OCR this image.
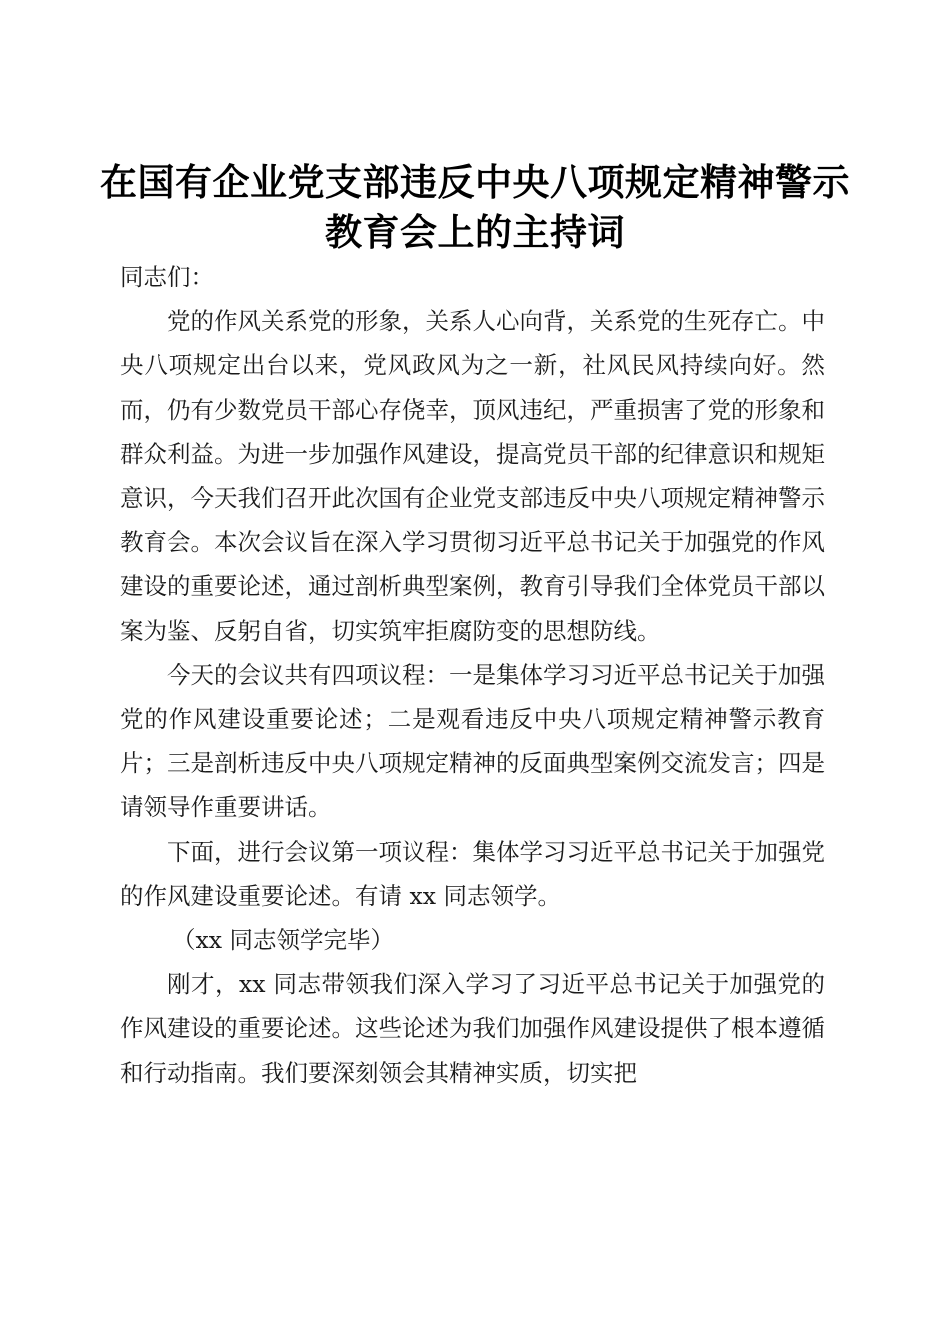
在国有企业党支部违反中央八项规定精神警示
教育会上的主持词

同志们：

党的作风关系党的形象，关系人心向背，关系党的生死存亡。中央八项规定出台以来，党风政风为之一新，社风民风持续向好。然而，仍有少数党员干部心存侥幸，顶风违纪，严重损害了党的形象和群众利益。为进一步加强作风建设，提高党员干部的纪律意识和规矩意识，今天我们召开此次国有企业党支部违反中央八项规定精神警示教育会。本次会议旨在深入学习贯彻习近平总书记关于加强党的作风建设的重要论述，通过剖析典型案例，教育引导我们全体党员干部以案为鉴、反躬自省，切实筑牢拒腐防变的思想防线。

今天的会议共有四项议程：一是集体学习习近平总书记关于加强党的作风建设重要论述；二是观看违反中央八项规定精神警示教育片；三是剖析违反中央八项规定精神的反面典型案例交流发言；四是请领导作重要讲话。

下面，进行会议第一项议程：集体学习习近平总书记关于加强党的作风建设重要论述。有请 xx 同志领学。

（xx 同志领学完毕）

刚才，xx 同志带领我们深入学习了习近平总书记关于加强党的作风建设的重要论述。这些论述为我们加强作风建设提供了根本遵循和行动指南。我们要深刻领会其精神实质，切实把
